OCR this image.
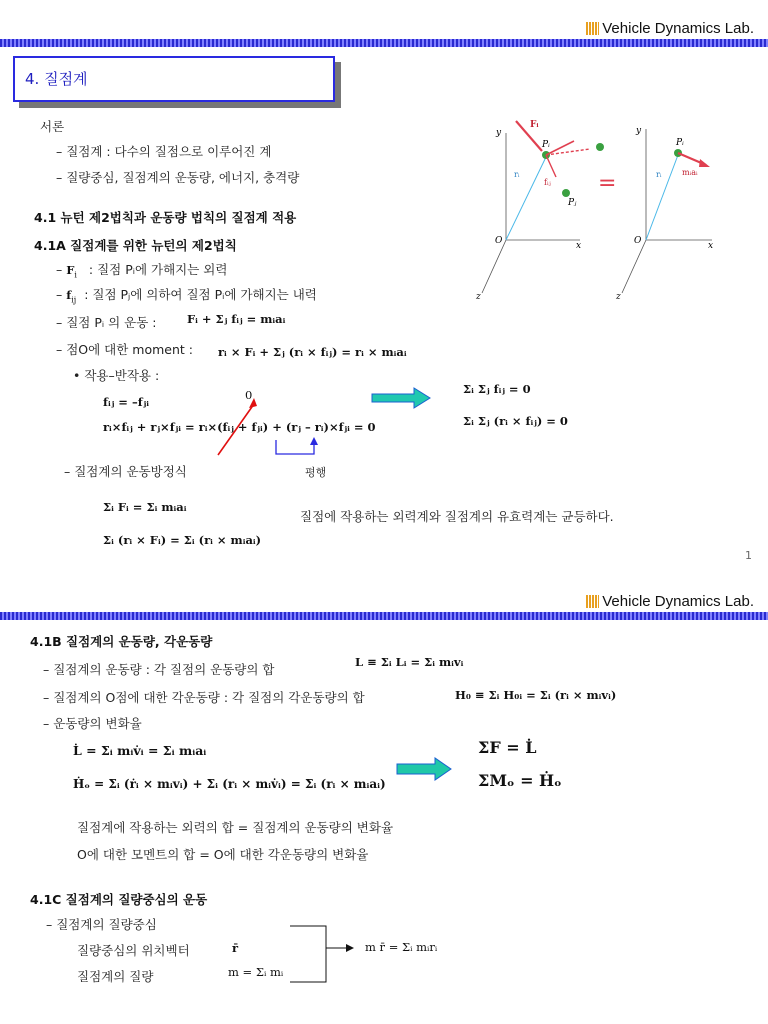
Vehicle Dynamics Lab.
4. 질점계
서론
– 질점계 : 다수의 질점으로 이루어진 계
– 질량중심, 질점계의 운동량, 에너지, 충격량
4.1 뉴턴 제2법칙과 운동량 법칙의 질점계 적용
4.1A 질점계를 위한 뉴턴의 제2법칙
– $F_i$   : 질점 Pᵢ에 가해지는 외력
– $f_{ij}$  : 질점 Pⱼ에 의하여 질점 Pᵢ에 가해지는 내력
– 질점 Pᵢ 의 운동 :	Fᵢ + Σⱼ fᵢⱼ = mᵢaᵢ
– 점O에 대한 moment : rᵢ × Fᵢ + Σⱼ (rᵢ × fᵢⱼ) = rᵢ × mᵢaᵢ
• 작용–반작용 :
0
fᵢⱼ = –fⱼᵢ
rᵢ×fᵢⱼ + rⱼ×fⱼᵢ = rᵢ×(fᵢⱼ + fⱼᵢ) + (rⱼ – rᵢ)×fⱼᵢ = 0
평행
Σᵢ Σⱼ fᵢⱼ = 0
Σᵢ Σⱼ (rᵢ × fᵢⱼ) = 0
– 질점계의 운동방정식
Σᵢ Fᵢ = Σᵢ mᵢaᵢ
Σᵢ (rᵢ × Fᵢ) = Σᵢ (rᵢ × mᵢaᵢ)
질점에 작용하는 외력계와 질점계의 유효력계는 균등하다.
1
y
x
z
O
Fᵢ
Pᵢ
fᵢⱼ
Pⱼ
rᵢ	=
y
x
z
O
Pᵢ
rᵢ	mᵢaᵢ
Vehicle Dynamics Lab.
4.1B 질점계의 운동량, 각운동량
– 질점계의 운동량 : 각 질점의 운동량의 합	L ≡ Σᵢ Lᵢ = Σᵢ mᵢvᵢ
– 질점계의 O점에 대한 각운동량 : 각 질점의 각운동량의 합	H₀ ≡ Σᵢ H₀ᵢ = Σᵢ (rᵢ × mᵢvᵢ)
– 운동량의 변화율
L̇ = Σᵢ mᵢv̇ᵢ = Σᵢ mᵢaᵢ
Ḣₒ = Σᵢ (ṙᵢ × mᵢvᵢ) + Σᵢ (rᵢ × mᵢv̇ᵢ) = Σᵢ (rᵢ × mᵢaᵢ)
ΣF = L̇
ΣMₒ = Ḣₒ
질점계에 작용하는 외력의 합 = 질점계의 운동량의 변화율
O에 대한 모멘트의 합 = O에 대한 각운동량의 변화율
4.1C 질점계의 질량중심의 운동
– 질점계의 질량중심
질량중심의 위치벡터	r̄
질점계의 질량	m = Σᵢ mᵢ
m r̄ = Σᵢ mᵢrᵢ
